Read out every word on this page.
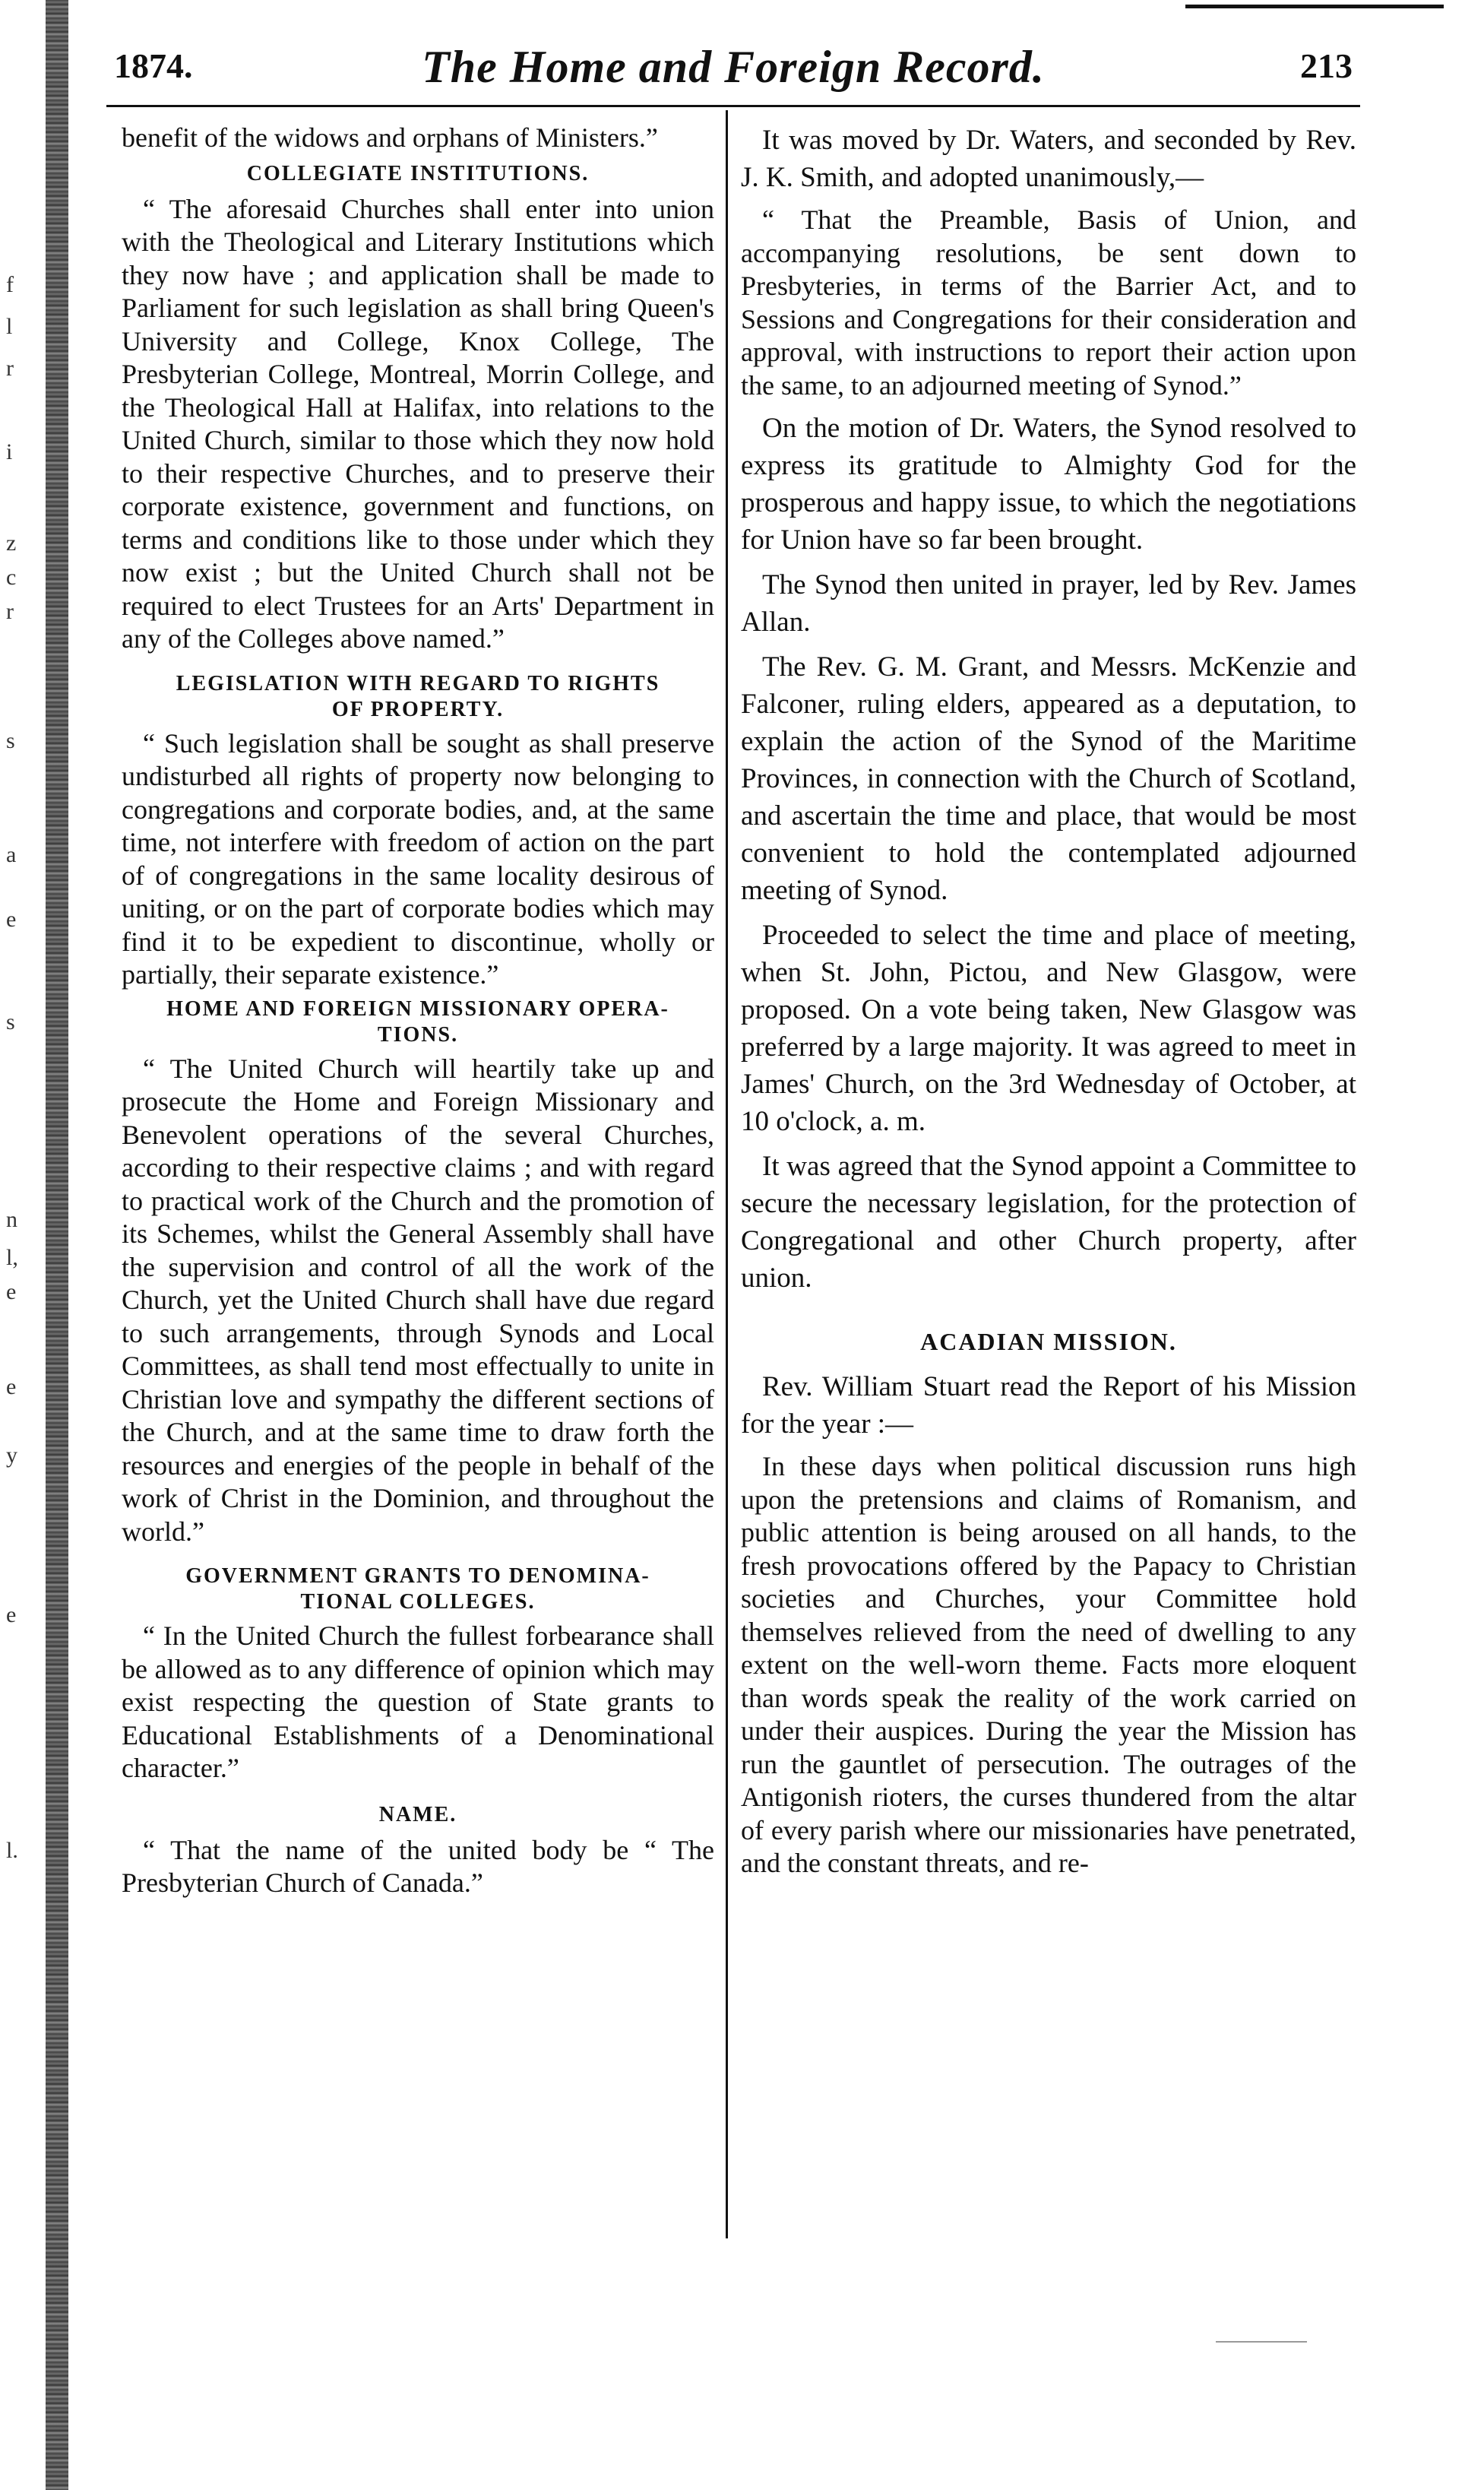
f
l
r
i
z
c
r
s
a
e
s
n
l,
e
e
y
e
l.
1874.	The Home and Foreign Record.	213

benefit of the widows and orphans of Ministers.”

COLLEGIATE INSTITUTIONS.

“ The aforesaid Churches shall enter into union with the Theological and Literary Institutions which they now have ; and application shall be made to Parliament for such legislation as shall bring Queen's University and College, Knox College, The Presbyterian College, Montreal, Morrin College, and the Theological Hall at Halifax, into relations to the United Church, similar to those which they now hold to their respective Churches, and to preserve their corporate existence, government and functions, on terms and conditions like to those under which they now exist ; but the United Church shall not be required to elect Trustees for an Arts' Department in any of the Colleges above named.”

LEGISLATION WITH REGARD TO RIGHTS
OF PROPERTY.

“ Such legislation shall be sought as shall preserve undisturbed all rights of property now belonging to congregations and corporate bodies, and, at the same time, not interfere with freedom of action on the part of of congregations in the same locality desirous of uniting, or on the part of corporate bodies which may find it to be expedient to discontinue, wholly or partially, their separate existence.”

HOME AND FOREIGN MISSIONARY OPERA-
TIONS.

“ The United Church will heartily take up and prosecute the Home and Foreign Missionary and Benevolent operations of the several Churches, according to their respective claims ; and with regard to practical work of the Church and the promotion of its Schemes, whilst the General Assembly shall have the supervision and control of all the work of the Church, yet the United Church shall have due regard to such arrangements, through Synods and Local Committees, as shall tend most effectually to unite in Christian love and sympathy the different sections of the Church, and at the same time to draw forth the resources and energies of the people in behalf of the work of Christ in the Dominion, and throughout the world.”

GOVERNMENT GRANTS TO DENOMINA-
TIONAL COLLEGES.

“ In the United Church the fullest forbearance shall be allowed as to any difference of opinion which may exist respecting the question of State grants to Educational Establishments of a Denominational character.”

NAME.

“ That the name of the united body be “ The Presbyterian Church of Canada.”

It was moved by Dr. Waters, and seconded by Rev. J. K. Smith, and adopted unanimously,—

“ That the Preamble, Basis of Union, and accompanying resolutions, be sent down to Presbyteries, in terms of the Barrier Act, and to Sessions and Congregations for their consideration and approval, with instructions to report their action upon the same, to an adjourned meeting of Synod.”

On the motion of Dr. Waters, the Synod resolved to express its gratitude to Almighty God for the prosperous and happy issue, to which the negotiations for Union have so far been brought.

The Synod then united in prayer, led by Rev. James Allan.

The Rev. G. M. Grant, and Messrs. McKenzie and Falconer, ruling elders, appeared as a deputation, to explain the action of the Synod of the Maritime Provinces, in connection with the Church of Scotland, and ascertain the time and place, that would be most convenient to hold the contemplated adjourned meeting of Synod.

Proceeded to select the time and place of meeting, when St. John, Pictou, and New Glasgow, were proposed. On a vote being taken, New Glasgow was preferred by a large majority. It was agreed to meet in James' Church, on the 3rd Wednesday of October, at 10 o'clock, a. m.

It was agreed that the Synod appoint a Committee to secure the necessary legislation, for the protection of Congregational and other Church property, after union.

ACADIAN MISSION.

Rev. William Stuart read the Report of his Mission for the year :—

In these days when political discussion runs high upon the pretensions and claims of Romanism, and public attention is being aroused on all hands, to the fresh provocations offered by the Papacy to Christian societies and Churches, your Committee hold themselves relieved from the need of dwelling to any extent on the well-worn theme. Facts more eloquent than words speak the reality of the work carried on under their auspices. During the year the Mission has run the gauntlet of persecution. The outrages of the Antigonish rioters, the curses thundered from the altar of every parish where our missionaries have penetrated, and the constant threats, and re-
